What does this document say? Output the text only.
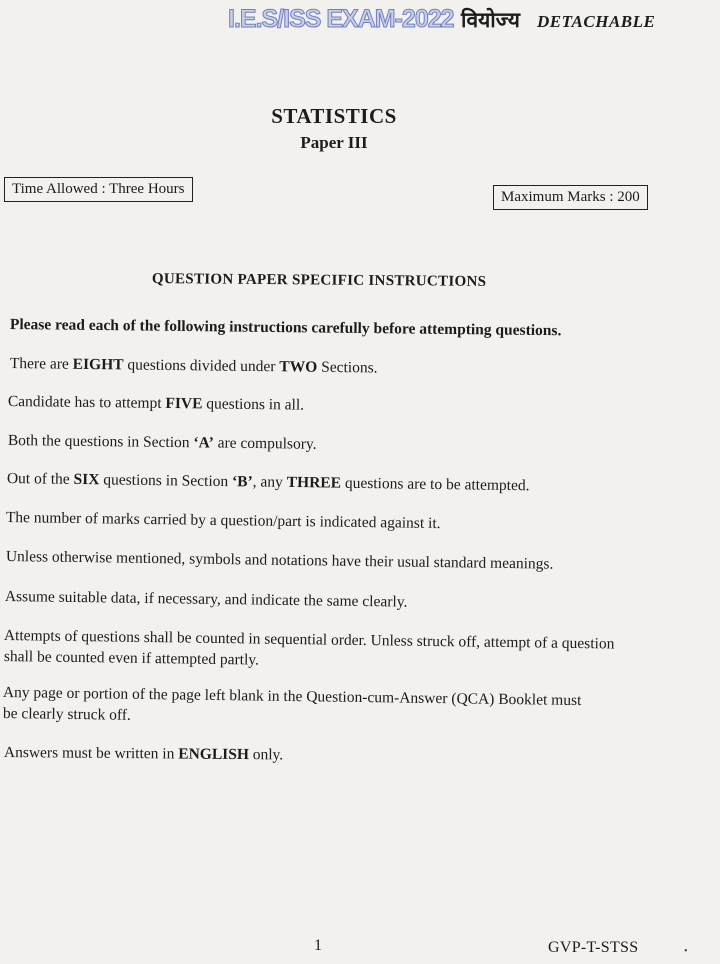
I.E.S/ISS EXAM-2022 वियोज्य DETACHABLE
STATISTICS
Paper III
Time Allowed : Three Hours	Maximum Marks : 200
QUESTION PAPER SPECIFIC INSTRUCTIONS
Please read each of the following instructions carefully before attempting questions.
There are EIGHT questions divided under TWO Sections.
Candidate has to attempt FIVE questions in all.
Both the questions in Section ‘A’ are compulsory.
Out of the SIX questions in Section ‘B’, any THREE questions are to be attempted.
The number of marks carried by a question/part is indicated against it.
Unless otherwise mentioned, symbols and notations have their usual standard meanings.
Assume suitable data, if necessary, and indicate the same clearly.
Attempts of questions shall be counted in sequential order. Unless struck off, attempt of a question
shall be counted even if attempted partly.
Any page or portion of the page left blank in the Question-cum-Answer (QCA) Booklet must
be clearly struck off.
Answers must be written in ENGLISH only.
1	GVP-T-STSS	•
